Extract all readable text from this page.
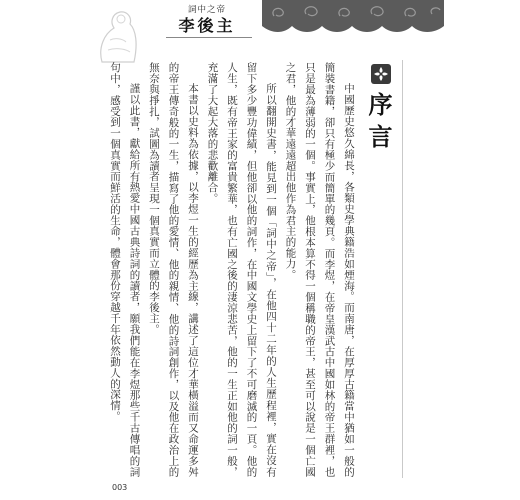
詞中之帝
李後主

中國歷史悠久綿長，各類史學典籍浩如煙海。而南唐，在厚厚古籍當中猶如一般的簡裝書籍，卻只有極少而簡單的幾頁。而李煜，在帝皇漢武古中國如林的帝王群裡，也只是最為薄弱的一個。事實上，他根本算不得一個稱職的帝王，甚至可以說是一個亡國之君，他的才華遠遠超出他作為君主的能力。

所以翻開史書，能見到一個「詞中之帝」，在他四十二年的人生歷程裡，實在沒有留下多少豐功偉績，但他卻以他的詞作，在中國文學史上留下了不可磨滅的一頁。他的人生，既有帝王家的富貴繁華，也有亡國之後的淒涼悲苦，他的一生正如他的詞一般，充滿了大起大落的悲歡離合。

本書以史料為依據，以李煜一生的經歷為主線，講述了這位才華橫溢而又命運多舛的帝王傳奇般的一生，描寫了他的愛情、他的親情、他的詩詞創作，以及他在政治上的無奈與掙扎，試圖為讀者呈現一個真實而立體的李後主。

謹以此書，獻給所有熱愛中國古典詩詞的讀者，願我們能在李煜那些千古傳唱的詞句中，感受到一個真實而鮮活的生命，體會那份穿越千年依然動人的深情。	序言
003
